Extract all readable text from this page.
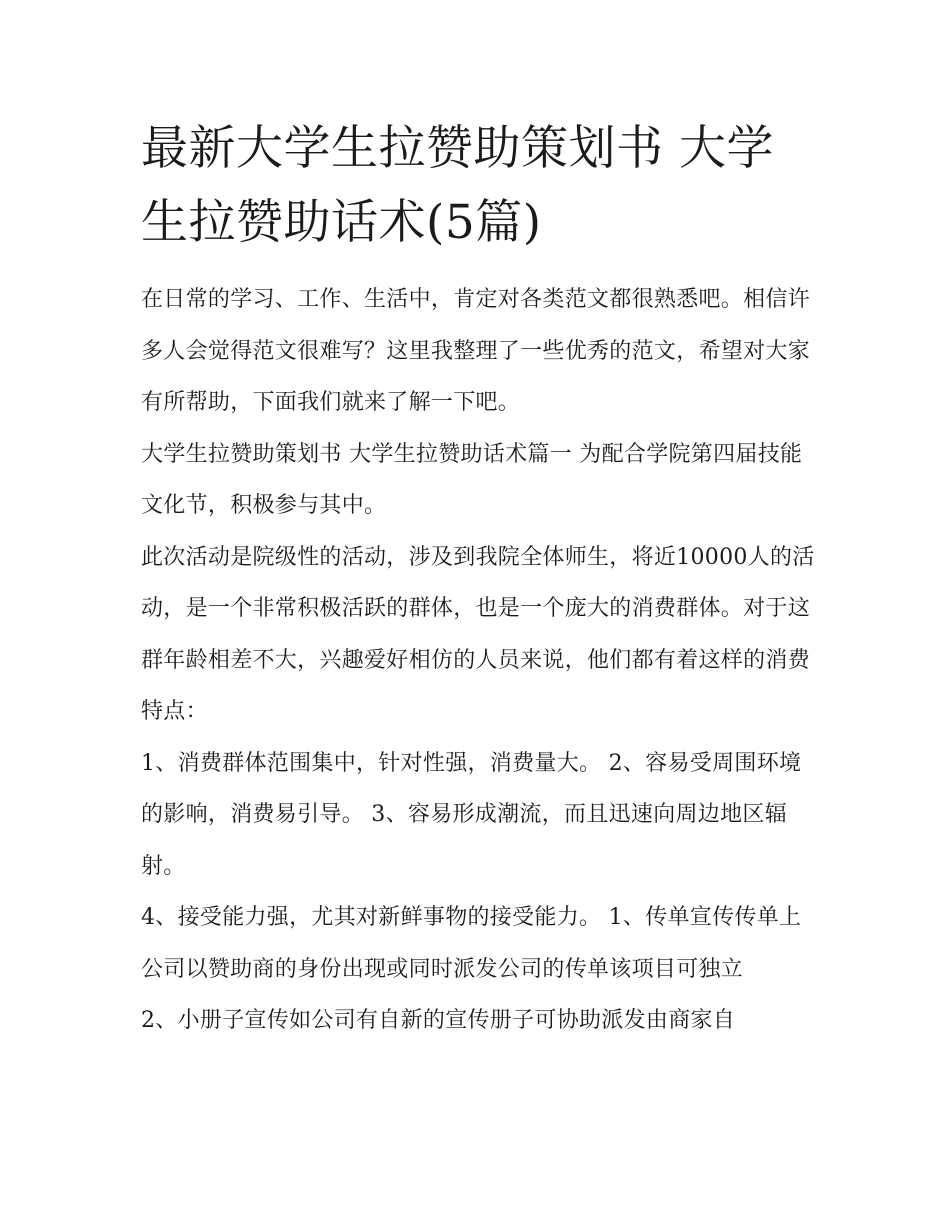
最新大学生拉赞助策划书 大学生拉赞助话术(5篇)

在日常的学习、工作、生活中，肯定对各类范文都很熟悉吧。相信许多人会觉得范文很难写？这里我整理了一些优秀的范文，希望对大家有所帮助，下面我们就来了解一下吧。

大学生拉赞助策划书 大学生拉赞助话术篇一 为配合学院第四届技能文化节，积极参与其中。

此次活动是院级性的活动，涉及到我院全体师生，将近10000人的活动，是一个非常积极活跃的群体，也是一个庞大的消费群体。对于这群年龄相差不大，兴趣爱好相仿的人员来说，他们都有着这样的消费特点：

1、消费群体范围集中，针对性强，消费量大。 2、容易受周围环境的影响，消费易引导。 3、容易形成潮流，而且迅速向周边地区辐射。

4、接受能力强，尤其对新鲜事物的接受能力。 1、传单宣传传单上公司以赞助商的身份出现或同时派发公司的传单该项目可独立

2、小册子宣传如公司有自新的宣传册子可协助派发由商家自
